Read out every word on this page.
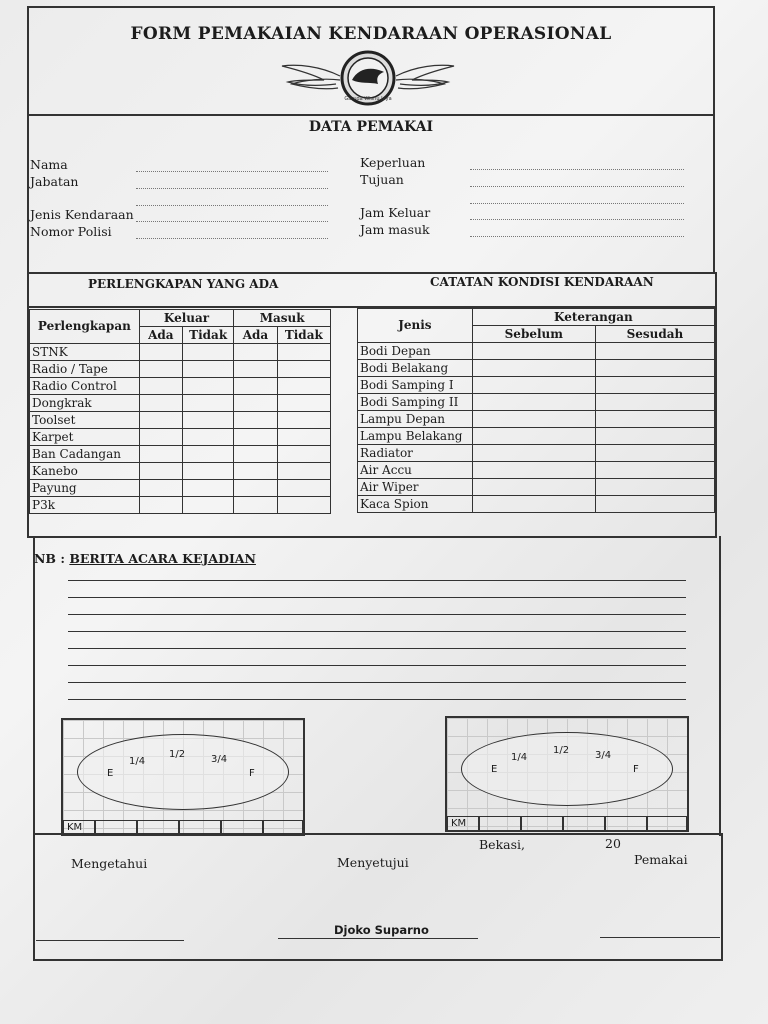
FORM PEMAKAIAN KENDARAAN OPERASIONAL
Garuda Wisnu Jaya
DATA PEMAKAI
Nama
Jabatan
Jenis Kendaraan
Nomor Polisi
Keperluan
Tujuan
Jam Keluar
Jam masuk
PERLENGKAPAN YANG ADA	CATATAN KONDISI KENDARAAN
Perlengkapan	Keluar		Masuk	
	Ada	Tidak	Ada	Tidak
STNK				
Radio / Tape				
Radio Control				
Dongkrak				
Toolset				
Karpet				
Ban Cadangan				
Kanebo				
Payung				
P3k				
Jenis	Keterangan	
	Sebelum	Sesudah
Bodi Depan		
Bodi Belakang		
Bodi Samping I		
Bodi Samping II		
Lampu Depan		
Lampu Belakang		
Radiator		
Air Accu		
Air Wiper		
Kaca Spion		
NB : BERITA ACARA KEJADIAN
E
1/4
1/2	3/4
F
KM
E
1/4
1/2	3/4
F
KM
Bekasi,	20
Mengetahui	Menyetujui	Pemakai
Djoko Suparno
